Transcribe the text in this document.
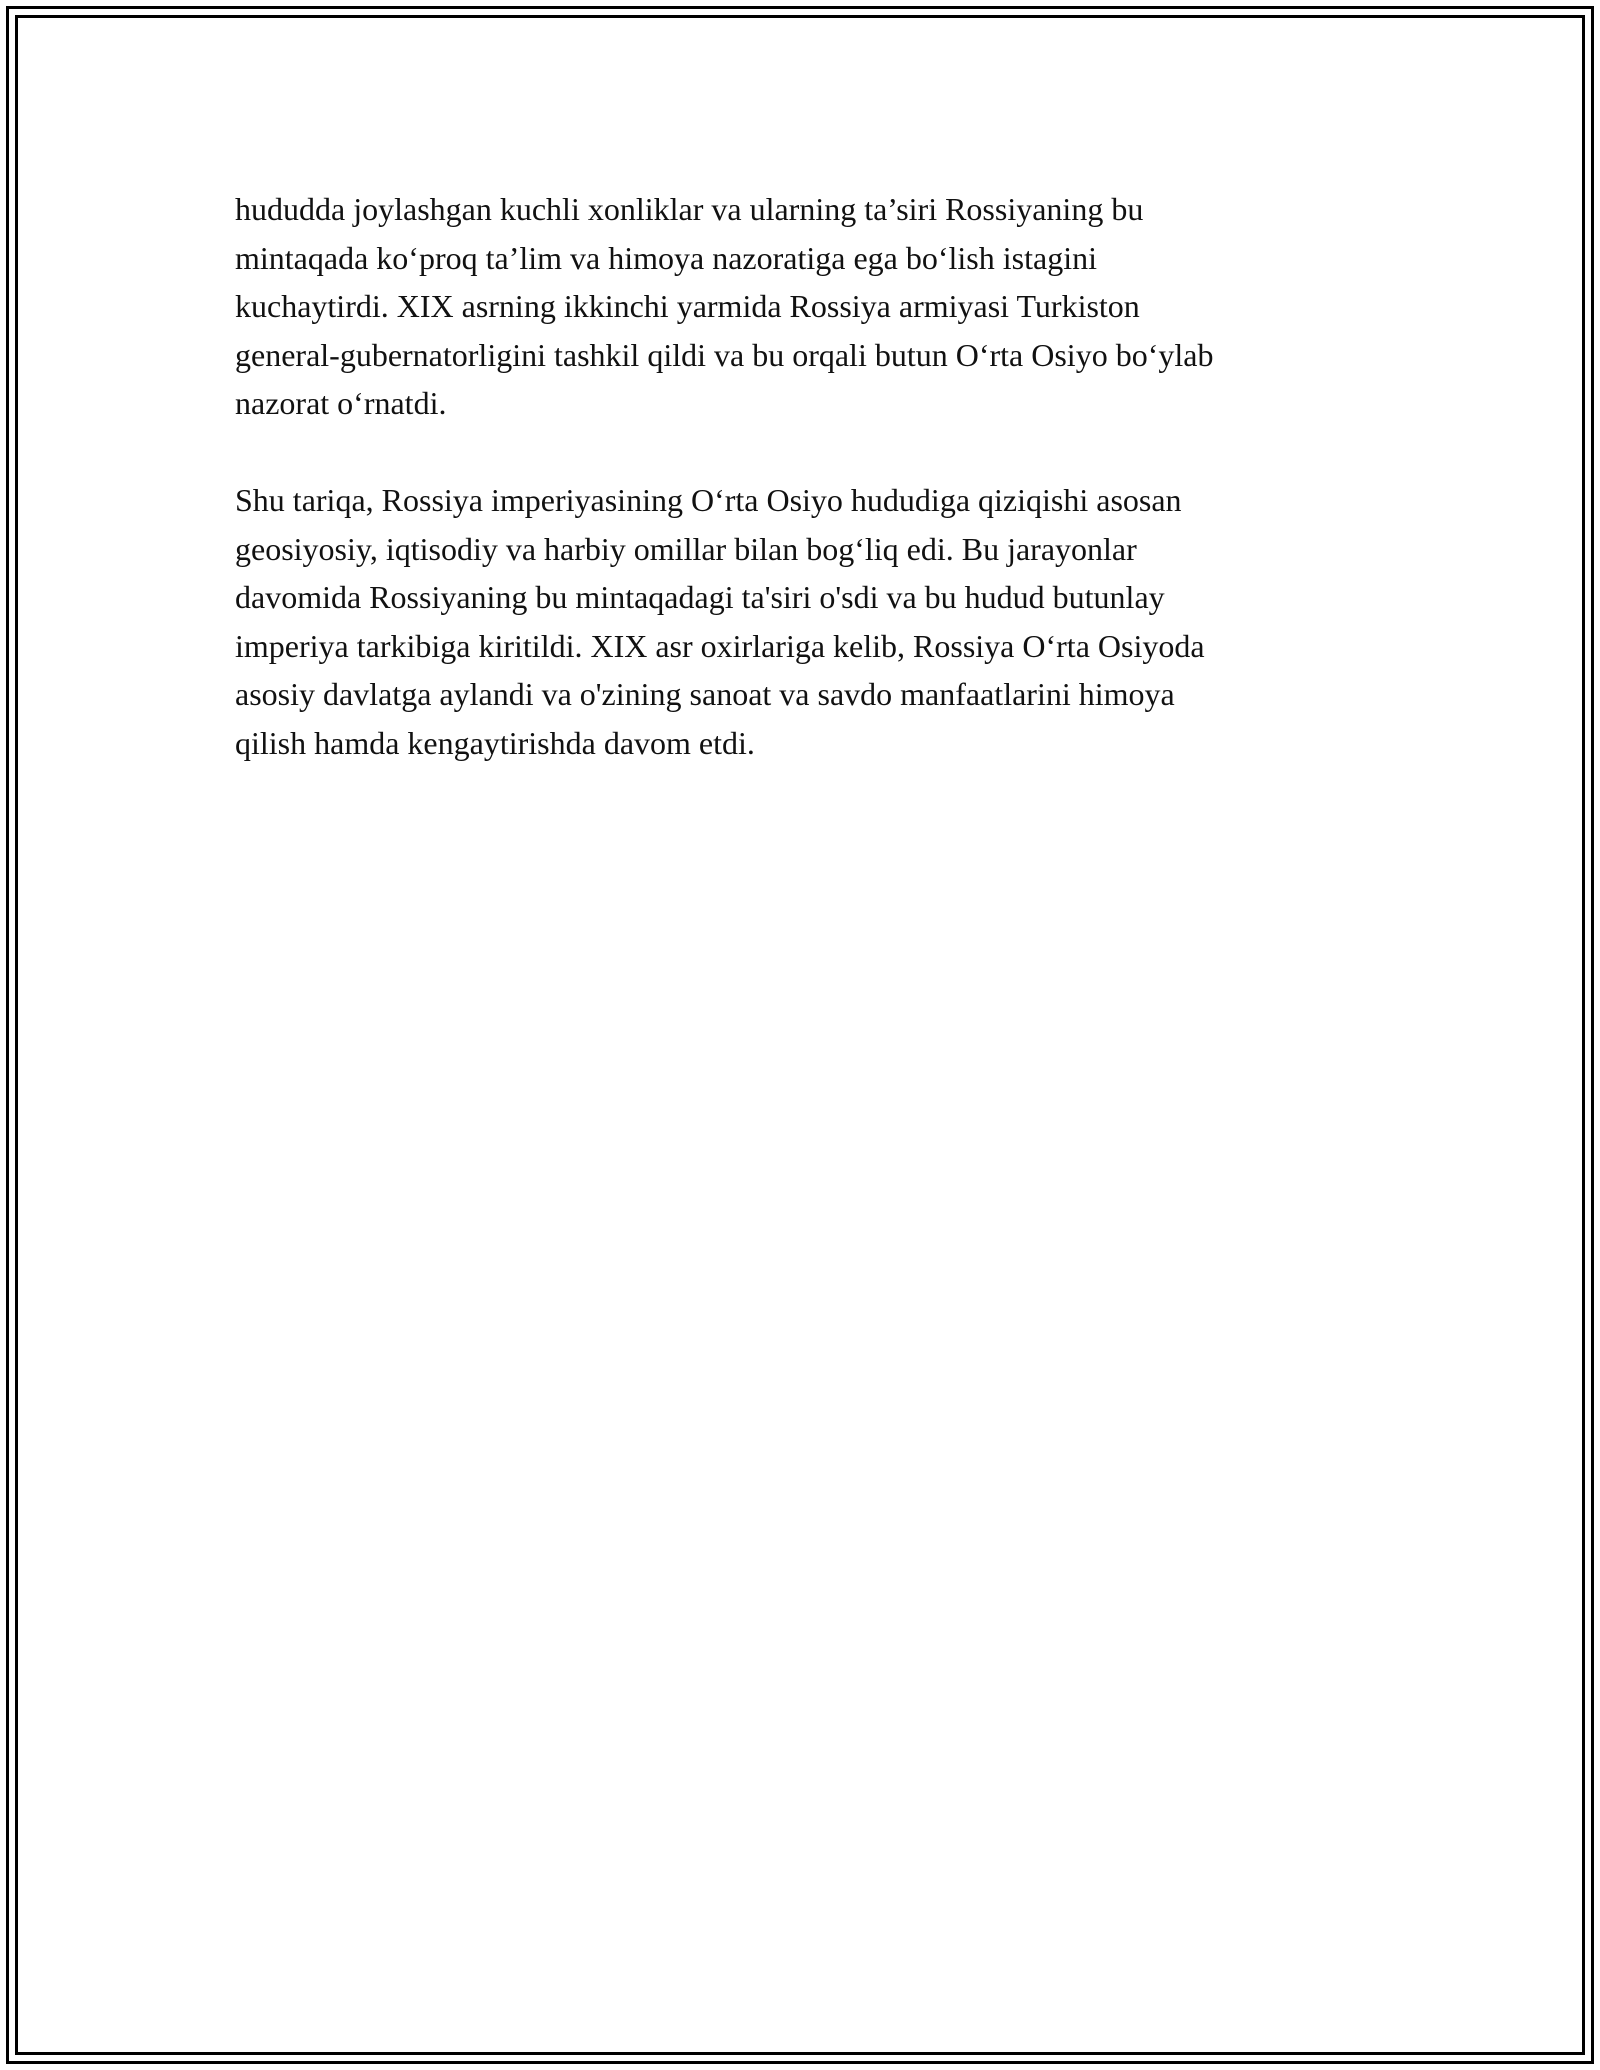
hududda joylashgan kuchli xonliklar va ularning ta’siri Rossiyaning bu
mintaqada ko‘proq ta’lim va himoya nazoratiga ega bo‘lish istagini
kuchaytirdi. XIX asrning ikkinchi yarmida Rossiya armiyasi Turkiston
general-gubernatorligini tashkil qildi va bu orqali butun O‘rta Osiyo bo‘ylab
nazorat o‘rnatdi.
Shu tariqa, Rossiya imperiyasining O‘rta Osiyo hududiga qiziqishi asosan
geosiyosiy, iqtisodiy va harbiy omillar bilan bog‘liq edi. Bu jarayonlar
davomida Rossiyaning bu mintaqadagi ta'siri o'sdi va bu hudud butunlay
imperiya tarkibiga kiritildi. XIX asr oxirlariga kelib, Rossiya O‘rta Osiyoda
asosiy davlatga aylandi va o'zining sanoat va savdo manfaatlarini himoya
qilish hamda kengaytirishda davom etdi.
